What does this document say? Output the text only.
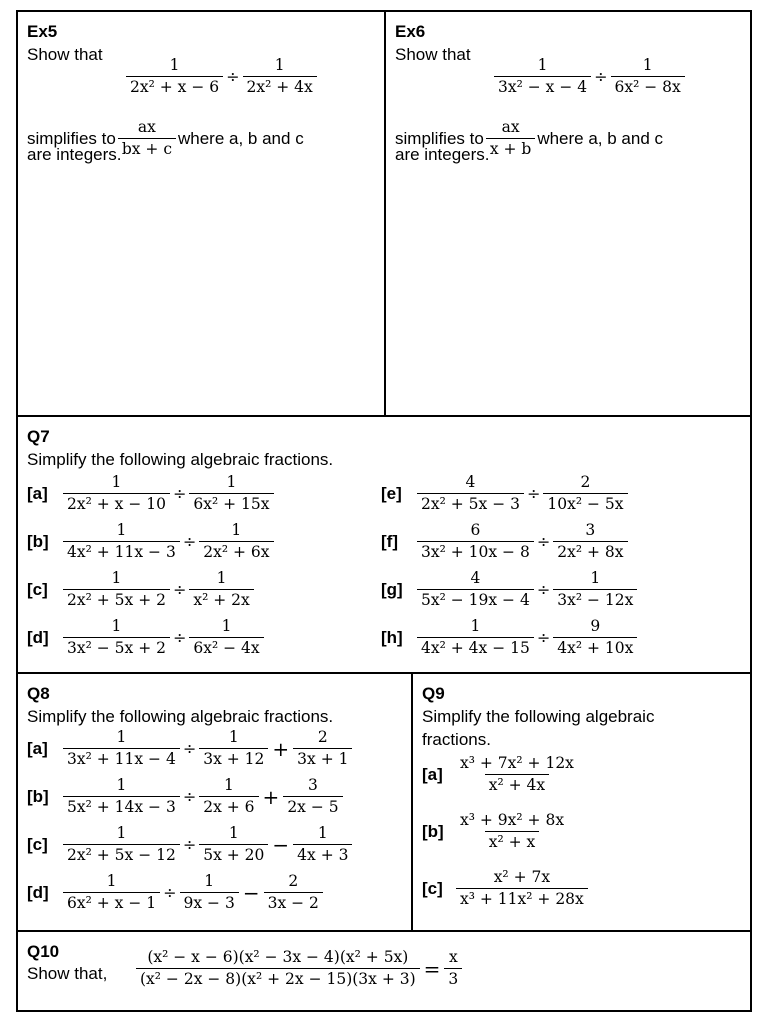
Ex5
Show that
$\frac{1}{\text{2x² + x − 6}} \div \frac{1}{\text{2x² + 4x}}$
simplifies to $\frac{ax}{bx + c}$ where a, b and c
are integers.
Ex6
Show that
$\frac{1}{\text{3x² − x − 4}} \div \frac{1}{\text{6x² − 8x}}$
simplifies to $\frac{ax}{x + b}$ where a, b and c
are integers.
Q7
Simplify the following algebraic fractions.
$[a] \frac{1}{\text{2x² + x − 10}} \div \frac{1}{\text{6x² + 15x}}$
$[b] \frac{1}{\text{4x² + 11x − 3}} \div \frac{1}{\text{2x² + 6x}}$
$[c] \frac{1}{\text{2x² + 5x + 2}} \div \frac{1}{\text{x² + 2x}}$
$[d] \frac{1}{\text{3x² − 5x + 2}} \div \frac{1}{\text{6x² − 4x}}$
$[e] \frac{4}{\text{2x² + 5x − 3}} \div \frac{2}{\text{10x² − 5x}}$
[f]	$\frac{6}{\text{3x² + 10x − 8}} \div \frac{3}{\text{2x² + 8x}}$
$[g] \frac{4}{\text{5x² − 19x − 4}} \div \frac{1}{\text{3x² − 12x}}$
$[h] \frac{1}{\text{4x² + 4x − 15}} \div \frac{9}{\text{4x² + 10x}}$
Q8
Simplify the following algebraic fractions.
$[a] \frac{1}{\text{3x² + 11x − 4}} \div \frac{1}{3x + 12} + \frac{2}{3x + 1}$
$[b] \frac{1}{\text{5x² + 14x − 3}} \div \frac{1}{2x + 6} + \frac{3}{2x - 5}$
$[c] \frac{1}{\text{2x² + 5x − 12}} \div \frac{1}{5x + 20} - \frac{1}{4x + 3}$
$[d] \frac{1}{\text{6x² + x − 1}} \div \frac{1}{9x - 3} - \frac{2}{3x - 2}$
Q9
Simplify the following algebraic
fractions.
$[a] \frac{\text{x³ + 7x² + 12x}}{\text{x² + 4x}}$
$[b] \frac{\text{x³ + 9x² + 8x}}{\text{x² + x}}$
$[c] \frac{\text{x² + 7x}}{\text{x³ + 11x² + 28x}}$
Q10
Show that, $\frac{\text{(x² − x − 6)(x² − 3x − 4)(x² + 5x)}}{\text{(x² − 2x − 8)(x² + 2x − 15)(3x + 3)}} = \frac{x}{3}$
